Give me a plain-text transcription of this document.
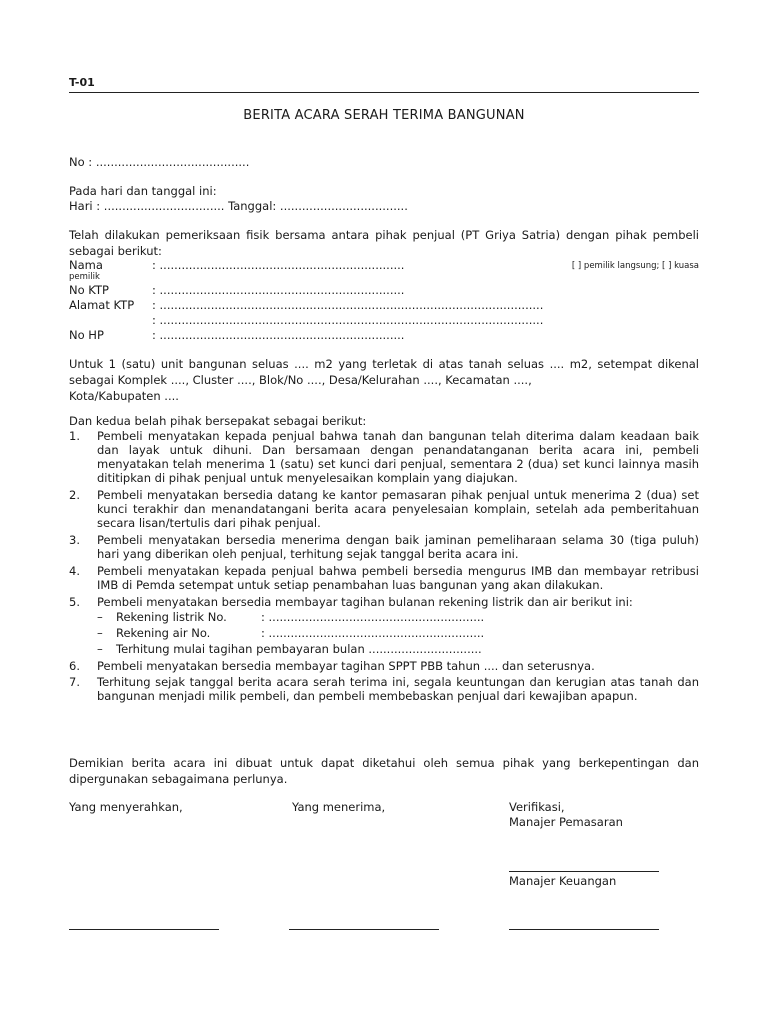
T-01
BERITA ACARA SERAH TERIMA BANGUNAN
No : ..........................................
Pada hari dan tanggal ini:
Hari : ................................. Tanggal: ...................................
Telah dilakukan pemeriksaan fisik bersama antara pihak penjual (PT Griya Satria) dengan pihak pembeli sebagai berikut:
Nama	: ...................................................................	[ ] pemilik langsung; [ ] kuasa
pemilik
No KTP	: ...................................................................
Alamat KTP : .........................................................................................................
: .........................................................................................................
No HP	: ...................................................................
Untuk 1 (satu) unit bangunan seluas .... m2 yang terletak di atas tanah seluas .... m2, setempat dikenal sebagai Komplek ...., Cluster ...., Blok/No ...., Desa/Kelurahan ...., Kecamatan ....,
Kota/Kabupaten ....
Dan kedua belah pihak bersepakat sebagai berikut:
1. Pembeli menyatakan kepada penjual bahwa tanah dan bangunan telah diterima dalam keadaan baik dan layak untuk dihuni. Dan bersamaan dengan penandatanganan berita acara ini, pembeli menyatakan telah menerima 1 (satu) set kunci dari penjual, sementara 2 (dua) set kunci lainnya masih dititipkan di pihak penjual untuk menyelesaikan komplain yang diajukan.
2. Pembeli menyatakan bersedia datang ke kantor pemasaran pihak penjual untuk menerima 2 (dua) set kunci terakhir dan menandatangani berita acara penyelesaian komplain, setelah ada pemberitahuan secara lisan/tertulis dari pihak penjual.
3. Pembeli menyatakan bersedia menerima dengan baik jaminan pemeliharaan selama 30 (tiga puluh) hari yang diberikan oleh penjual, terhitung sejak tanggal berita acara ini.
4. Pembeli menyatakan kepada penjual bahwa pembeli bersedia mengurus IMB dan membayar retribusi IMB di Pemda setempat untuk setiap penambahan luas bangunan yang akan dilakukan.
5. Pembeli menyatakan bersedia membayar tagihan bulanan rekening listrik dan air berikut ini:
– Rekening listrik No.	: ...........................................................
– Rekening air No.	: ...........................................................
– Terhitung mulai tagihan pembayaran bulan ...............................
6. Pembeli menyatakan bersedia membayar tagihan SPPT PBB tahun .... dan seterusnya.
7. Terhitung sejak tanggal berita acara serah terima ini, segala keuntungan dan kerugian atas tanah dan bangunan menjadi milik pembeli, dan pembeli membebaskan penjual dari kewajiban apapun.
Demikian berita acara ini dibuat untuk dapat diketahui oleh semua pihak yang berkepentingan dan dipergunakan sebagaimana perlunya.
Yang menyerahkan,	Yang menerima,	Verifikasi,
Manajer Pemasaran
Manajer Keuangan
